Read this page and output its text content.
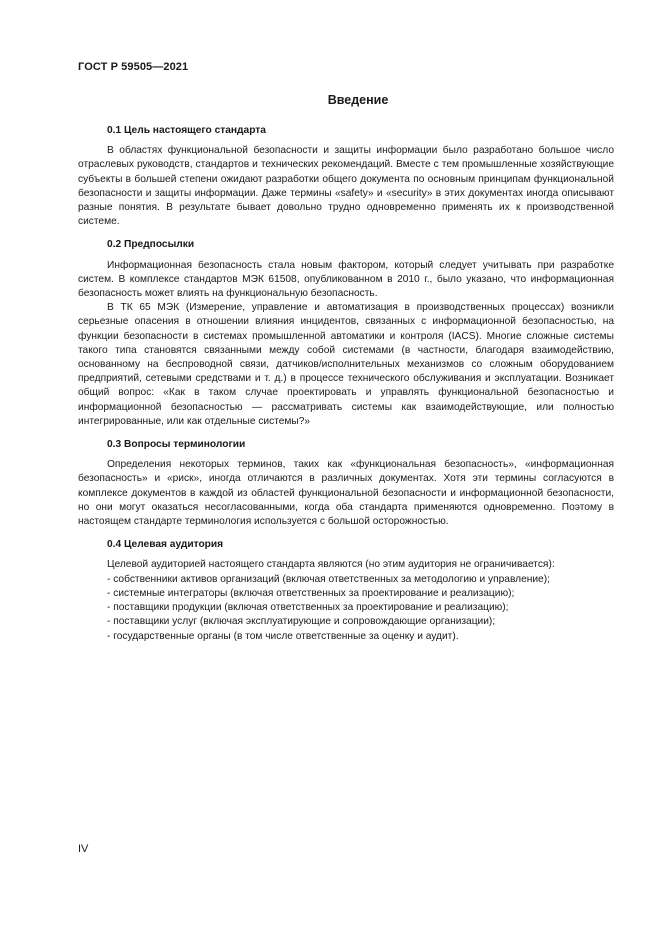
ГОСТ Р 59505—2021
Введение
0.1 Цель настоящего стандарта

В областях функциональной безопасности и защиты информации было разработано большое число отраслевых руководств, стандартов и технических рекомендаций. Вместе с тем промышленные хозяйствующие субъекты в большей степени ожидают разработки общего документа по основным принципам функциональной безопасности и защиты информации. Даже термины «safety» и «security» в этих документах иногда описывают разные понятия. В результате бывает довольно трудно одновременно применять их к производственной системе.

0.2 Предпосылки

Информационная безопасность стала новым фактором, который следует учитывать при разработке систем. В комплексе стандартов МЭК 61508, опубликованном в 2010 г., было указано, что информационная безопасность может влиять на функциональную безопасность.

В ТК 65 МЭК (Измерение, управление и автоматизация в производственных процессах) возникли серьезные опасения в отношении влияния инцидентов, связанных с информационной безопасностью, на функции безопасности в системах промышленной автоматики и контроля (IACS). Многие сложные системы такого типа становятся связанными между собой системами (в частности, благодаря взаимодействию, основанному на беспроводной связи, датчиков/исполнительных механизмов со сложным оборудованием предприятий, сетевыми средствами и т. д.) в процессе технического обслуживания и эксплуатации. Возникает общий вопрос: «Как в таком случае проектировать и управлять функциональной безопасностью и информационной безопасностью — рассматривать системы как взаимодействующие, или полностью интегрированные, или как отдельные системы?»

0.3 Вопросы терминологии

Определения некоторых терминов, таких как «функциональная безопасность», «информационная безопасность» и «риск», иногда отличаются в различных документах. Хотя эти термины согласуются в комплексе документов в каждой из областей функциональной безопасности и информационной безопасности, но они могут оказаться несогласованными, когда оба стандарта применяются одновременно. Поэтому в настоящем стандарте терминология используется с большой осторожностью.

0.4 Целевая аудитория

Целевой аудиторией настоящего стандарта являются (но этим аудитория не ограничивается):

- собственники активов организаций (включая ответственных за методологию и управление);

- системные интеграторы (включая ответственных за проектирование и реализацию);

- поставщики продукции (включая ответственных за проектирование и реализацию);

- поставщики услуг (включая эксплуатирующие и сопровождающие организации);

- государственные органы (в том числе ответственные за оценку и аудит).

IV
